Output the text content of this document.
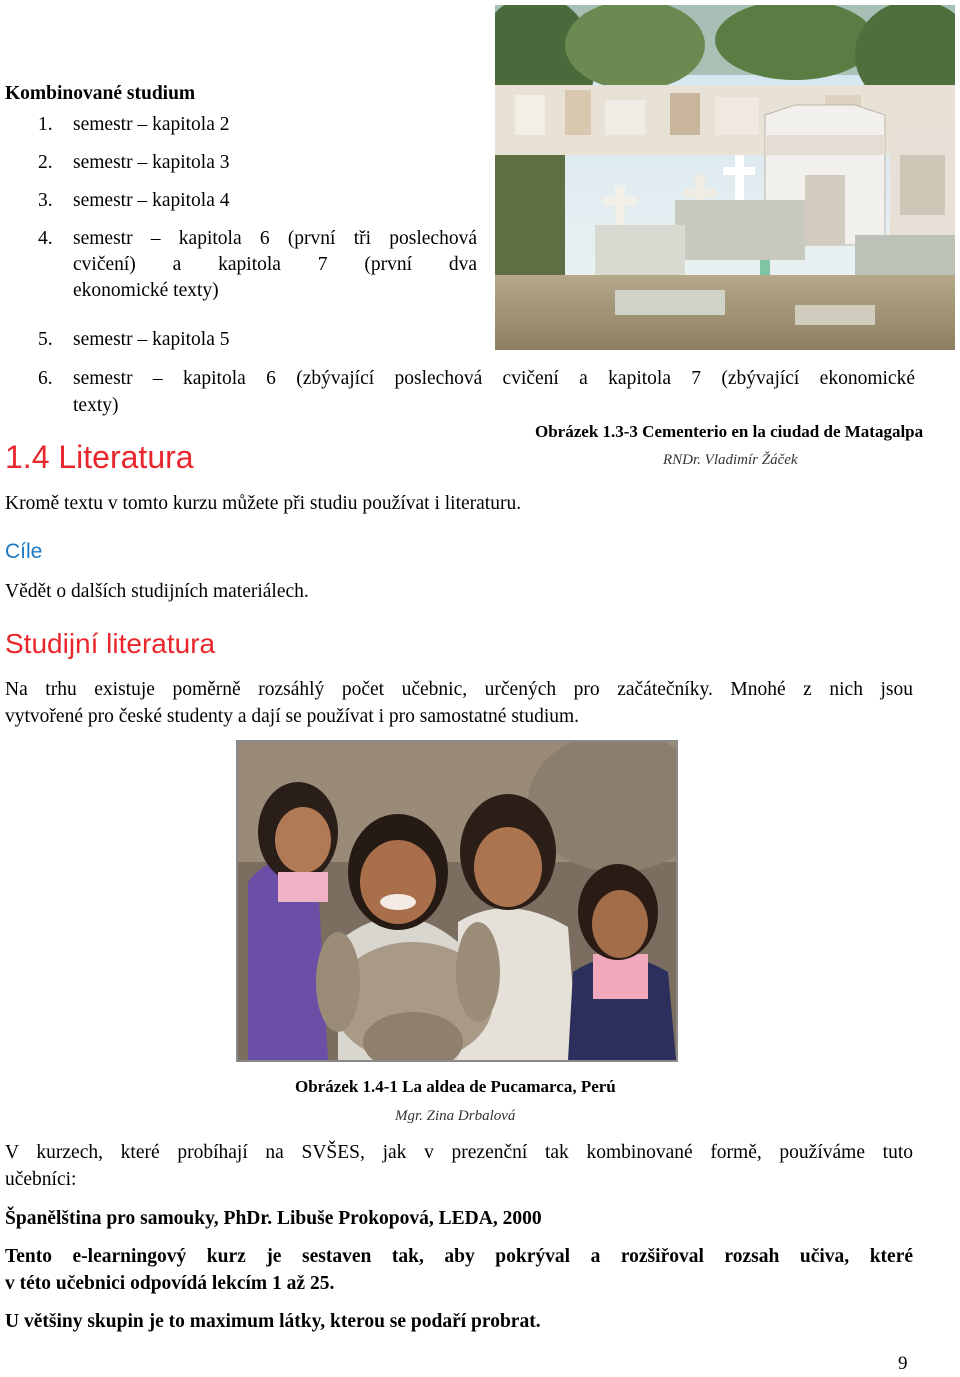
Kombinované studium
1. semestr – kapitola 2
2. semestr – kapitola 3
3. semestr – kapitola 4
4. semestr – kapitola 6 (první tři poslechová
cvičení) a kapitola 7 (první dva
ekonomické texty)
5. semestr – kapitola 5
6. semestr – kapitola 6 (zbývající poslechová cvičení a kapitola 7 (zbývající ekonomické
texty)
Obrázek 1.3-3 Cementerio en la ciudad de Matagalpa
RNDr. Vladimír Žáček
1.4 Literatura
Kromě textu v tomto kurzu můžete při studiu používat i literaturu.
Cíle
Vědět o dalších studijních materiálech.
Studijní literatura
Na trhu existuje poměrně rozsáhlý počet učebnic, určených pro začátečníky. Mnohé z nich jsou
vytvořené pro české studenty a dají se používat i pro samostatné studium.
Obrázek 1.4-1 La aldea de Pucamarca, Perú
Mgr. Zina Drbalová
V kurzech, které probíhají na SVŠES, jak v prezenční tak kombinované formě, používáme tuto
učebníci:
Španělština pro samouky, PhDr. Libuše Prokopová, LEDA, 2000
Tento e-learningový kurz je sestaven tak, aby pokrýval a rozšiřoval rozsah učiva, které
v této učebnici odpovídá lekcím 1 až 25.
U většiny skupin je to maximum látky, kterou se podaří probrat.
9
